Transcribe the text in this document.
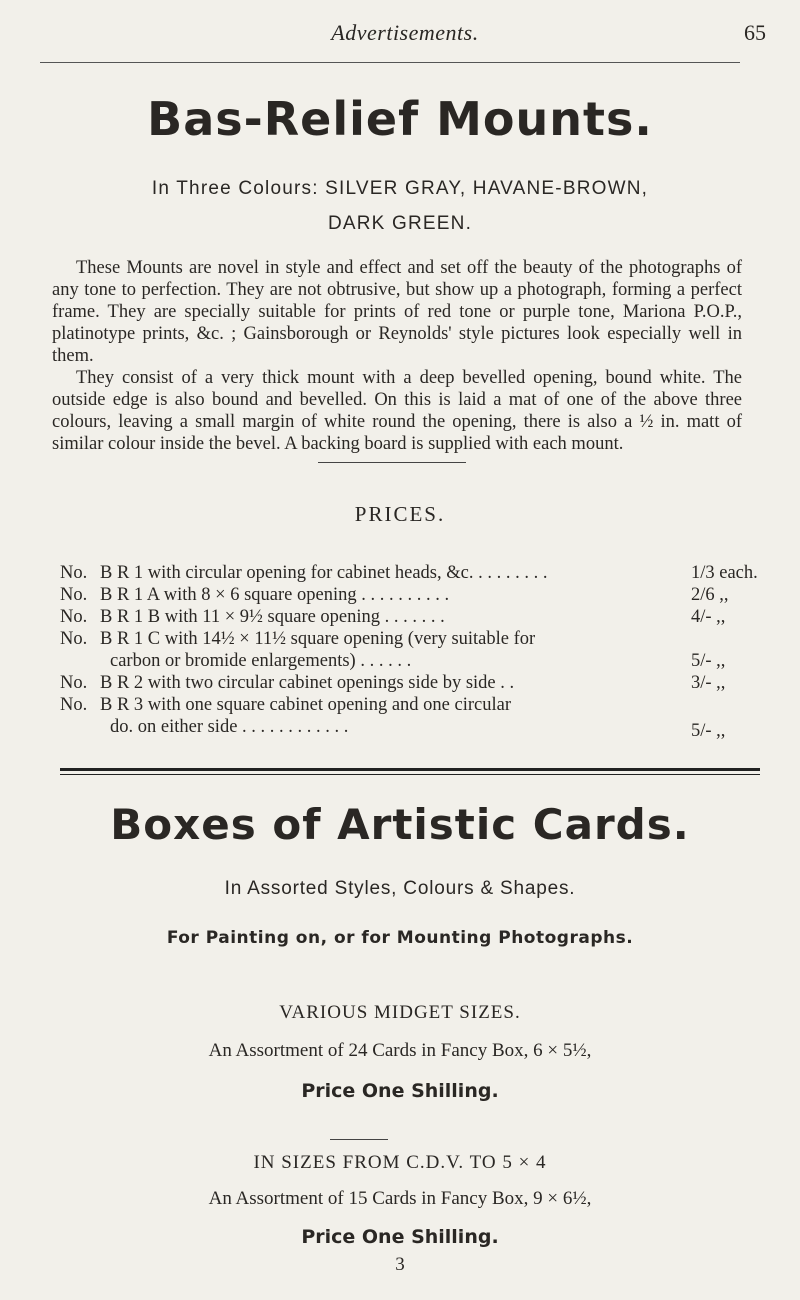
Advertisements.	65
Bas-Relief Mounts.
In Three Colours: SILVER GRAY, HAVANE-BROWN,
DARK GREEN.

These Mounts are novel in style and effect and set off the beauty of the photographs of any tone to perfection. They are not obtrusive, but show up a photograph, forming a perfect frame. They are specially suitable for prints of red tone or purple tone, Mariona P.O.P., platinotype prints, &c. ; Gainsborough or Reynolds' style pictures look especially well in them.

They consist of a very thick mount with a deep bevelled opening, bound white. The outside edge is also bound and bevelled. On this is laid a mat of one of the above three colours, leaving a small margin of white round the opening, there is also a ½ in. matt of similar colour inside the bevel. A backing board is supplied with each mount.

PRICES.
No. B R 1 with circular opening for cabinet heads, &c. . . . . . . . .	1/3 each.
No. B R 1 A with 8 × 6 square opening . . . . . . . . . .	2/6 ,,
No. B R 1 B with 11 × 9½ square opening . . . . . . .	4/- ,,
No. B R 1 C with 14½ × 11½ square opening (very suitable for
carbon or bromide enlargements) . . . . . .	5/- ,,
No. B R 2 with two circular cabinet openings side by side . .	3/- ,,
No. B R 3 with one square cabinet opening and one circular
do. on either side . . . . . . . . . . . .	5/- ,,
Boxes of Artistic Cards.
In Assorted Styles, Colours & Shapes.
For Painting on, or for Mounting Photographs.
VARIOUS MIDGET SIZES.
An Assortment of 24 Cards in Fancy Box, 6 × 5½,
Price One Shilling.
IN SIZES FROM C.D.V. TO 5 × 4
An Assortment of 15 Cards in Fancy Box, 9 × 6½,
Price One Shilling.
3
